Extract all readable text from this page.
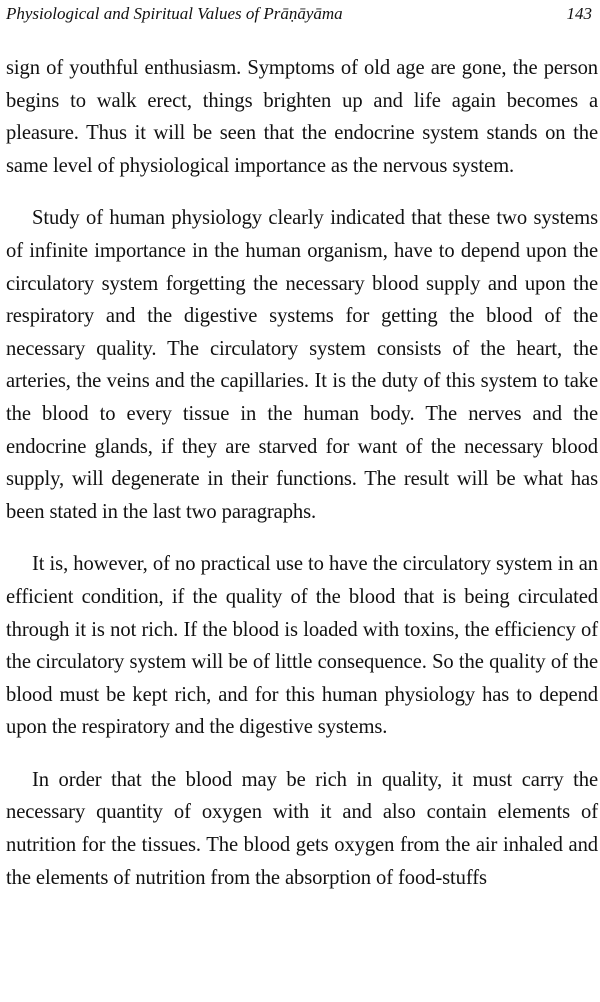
Physiological and Spiritual Values of Prāṇāyāma	143

sign of youthful enthusiasm. Symptoms of old age are gone, the person begins to walk erect, things brighten up and life again becomes a pleasure. Thus it will be seen that the endocrine system stands on the same level of physiological importance as the nervous system.

Study of human physiology clearly indicated that these two systems of infinite importance in the human organism, have to depend upon the circulatory system forgetting the necessary blood supply and upon the respiratory and the digestive systems for getting the blood of the necessary quality. The circulatory system consists of the heart, the arteries, the veins and the capillaries. It is the duty of this system to take the blood to every tissue in the human body. The nerves and the endocrine glands, if they are starved for want of the necessary blood supply, will degenerate in their functions. The result will be what has been stated in the last two paragraphs.

It is, however, of no practical use to have the circulatory system in an efficient condition, if the quality of the blood that is being circulated through it is not rich. If the blood is loaded with toxins, the efficiency of the circulatory system will be of little consequence. So the quality of the blood must be kept rich, and for this human physiology has to depend upon the respiratory and the digestive systems.

In order that the blood may be rich in quality, it must carry the necessary quantity of oxygen with it and also contain elements of nutrition for the tissues. The blood gets oxygen from the air inhaled and the elements of nutrition from the absorption of food-stuffs
